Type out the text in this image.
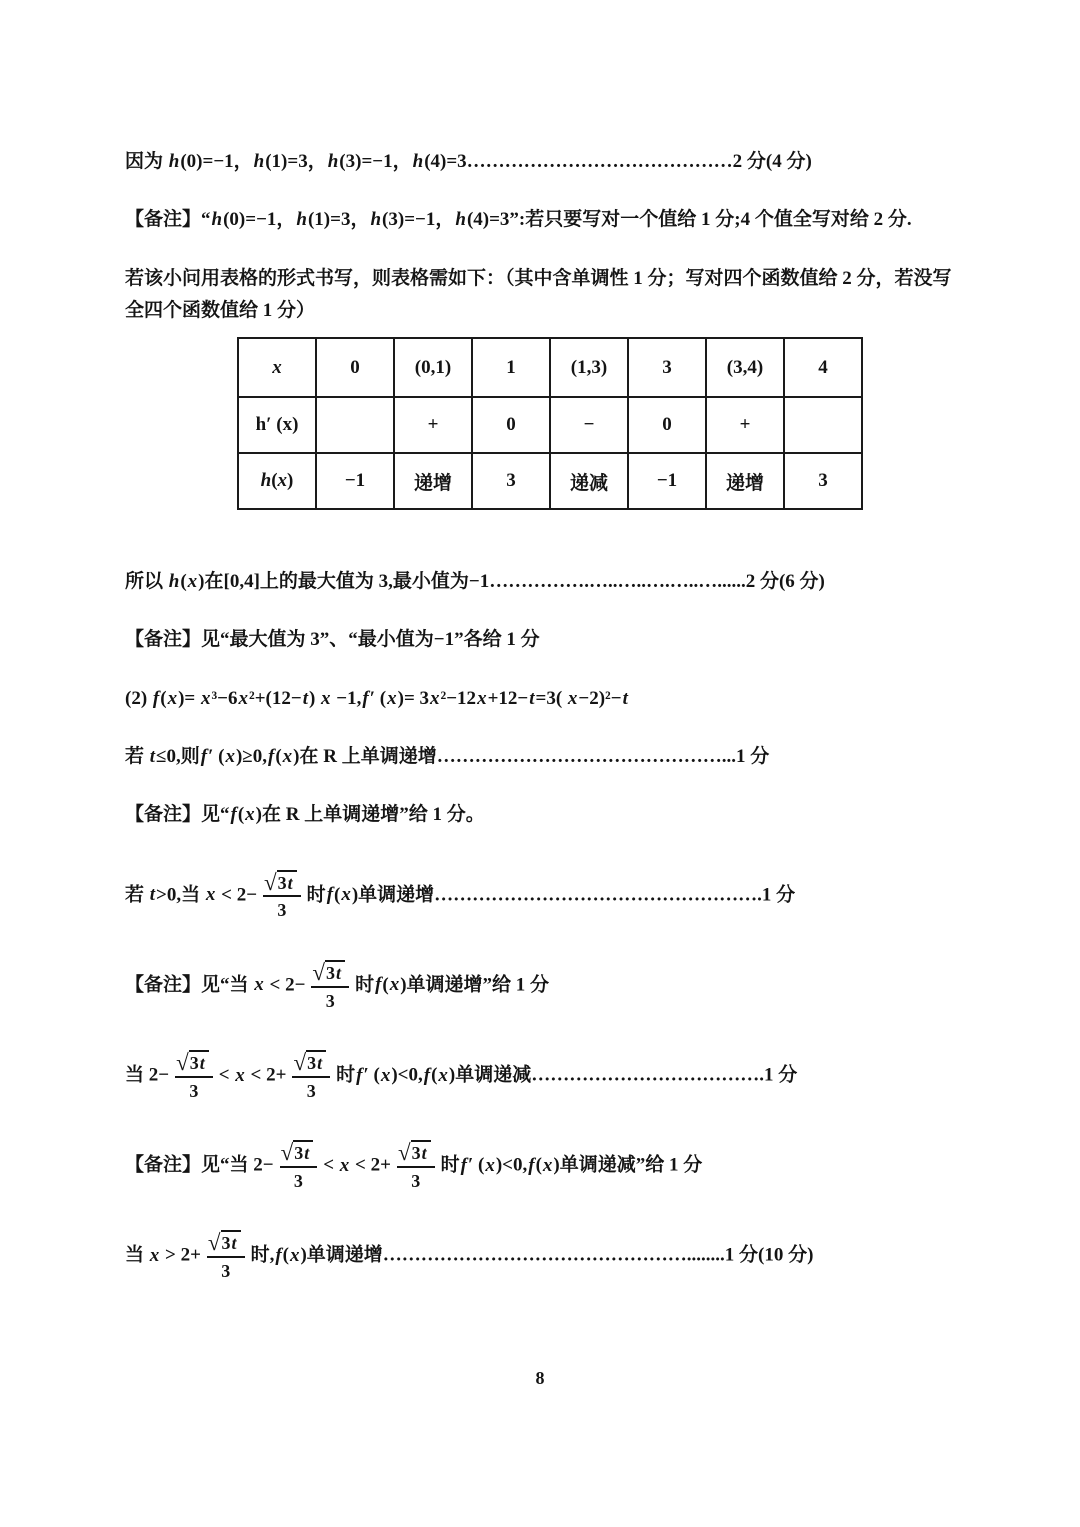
因为 h(0)=−1，h(1)=3，h(3)=−1，h(4)=3……………………………………2 分(4 分)

【备注】“h(0)=−1，h(1)=3，h(3)=−1，h(4)=3”:若只要写对一个值给 1 分;4 个值全写对给 2 分.

若该小问用表格的形式书写，则表格需如下：（其中含单调性 1 分；写对四个函数值给 2 分，若没写全四个函数值给 1 分）

x	0	(0,1)	1	(1,3)	3	(3,4)	4
h′ (x)		+	0	−	0	+	
h(x)	−1	递增	3	递减	−1	递增	3

所以 h(x)在[0,4]上的最大值为 3,最小值为−1…………….…..…..….…..…......2 分(6 分)

【备注】见“最大值为 3”、“最小值为−1”各给 1 分

(2) f(x)= x³−6x²+(12−t) x −1,f′ (x)= 3x²−12x+12−t=3( x−2)²−t

若 t≤0,则f′ (x)≥0,f(x)在 R 上单调递增………………………………………...1 分

【备注】见“f(x)在 R 上单调递增”给 1 分。

若 t>0,当 $x < 2- \frac{√ 3t}{3}$ 时f(x)单调递增…………………………………………….1 分

【备注】见“当 $x < 2- \frac{√ 3t}{3}$ 时f(x)单调递增”给 1 分

当 $2- \frac{√ 3t}{3} < x < 2+ \frac{√ 3t}{3}$ 时f′ (x)<0,f(x)单调递减……………………………….1 分

【备注】见“当 $2- \frac{√ 3t}{3} < x < 2+ \frac{√ 3t}{3}$ 时f′ (x)<0,f(x)单调递减”给 1 分

当 $x > 2+ \frac{√ 3t}{3}$ 时,f(x)单调递增…………………………………………........1 分(10 分)

8
